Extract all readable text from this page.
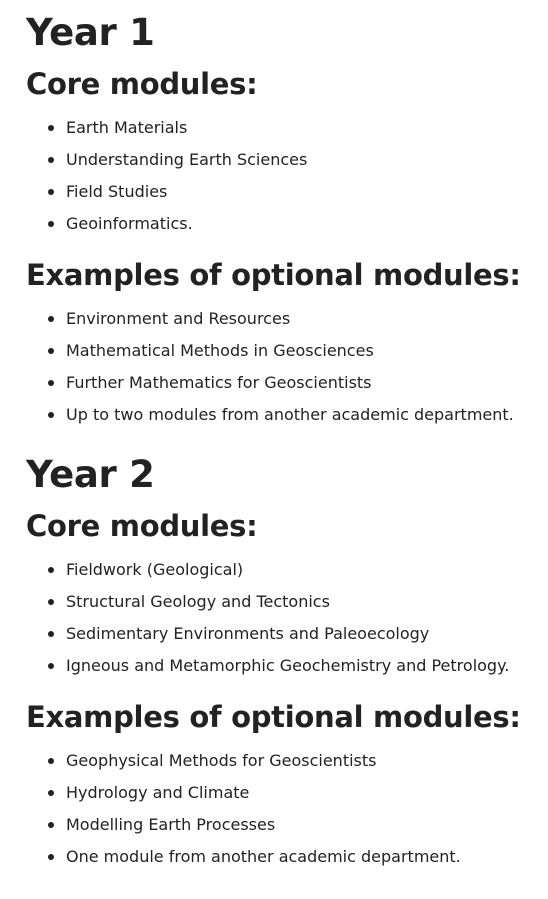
Year 1
Core modules:
Earth Materials
Understanding Earth Sciences
Field Studies
Geoinformatics.
Examples of optional modules:
Environment and Resources
Mathematical Methods in Geosciences
Further Mathematics for Geoscientists
Up to two modules from another academic department.
Year 2
Core modules:
Fieldwork (Geological)
Structural Geology and Tectonics
Sedimentary Environments and Paleoecology
Igneous and Metamorphic Geochemistry and Petrology.
Examples of optional modules:
Geophysical Methods for Geoscientists
Hydrology and Climate
Modelling Earth Processes
One module from another academic department.
